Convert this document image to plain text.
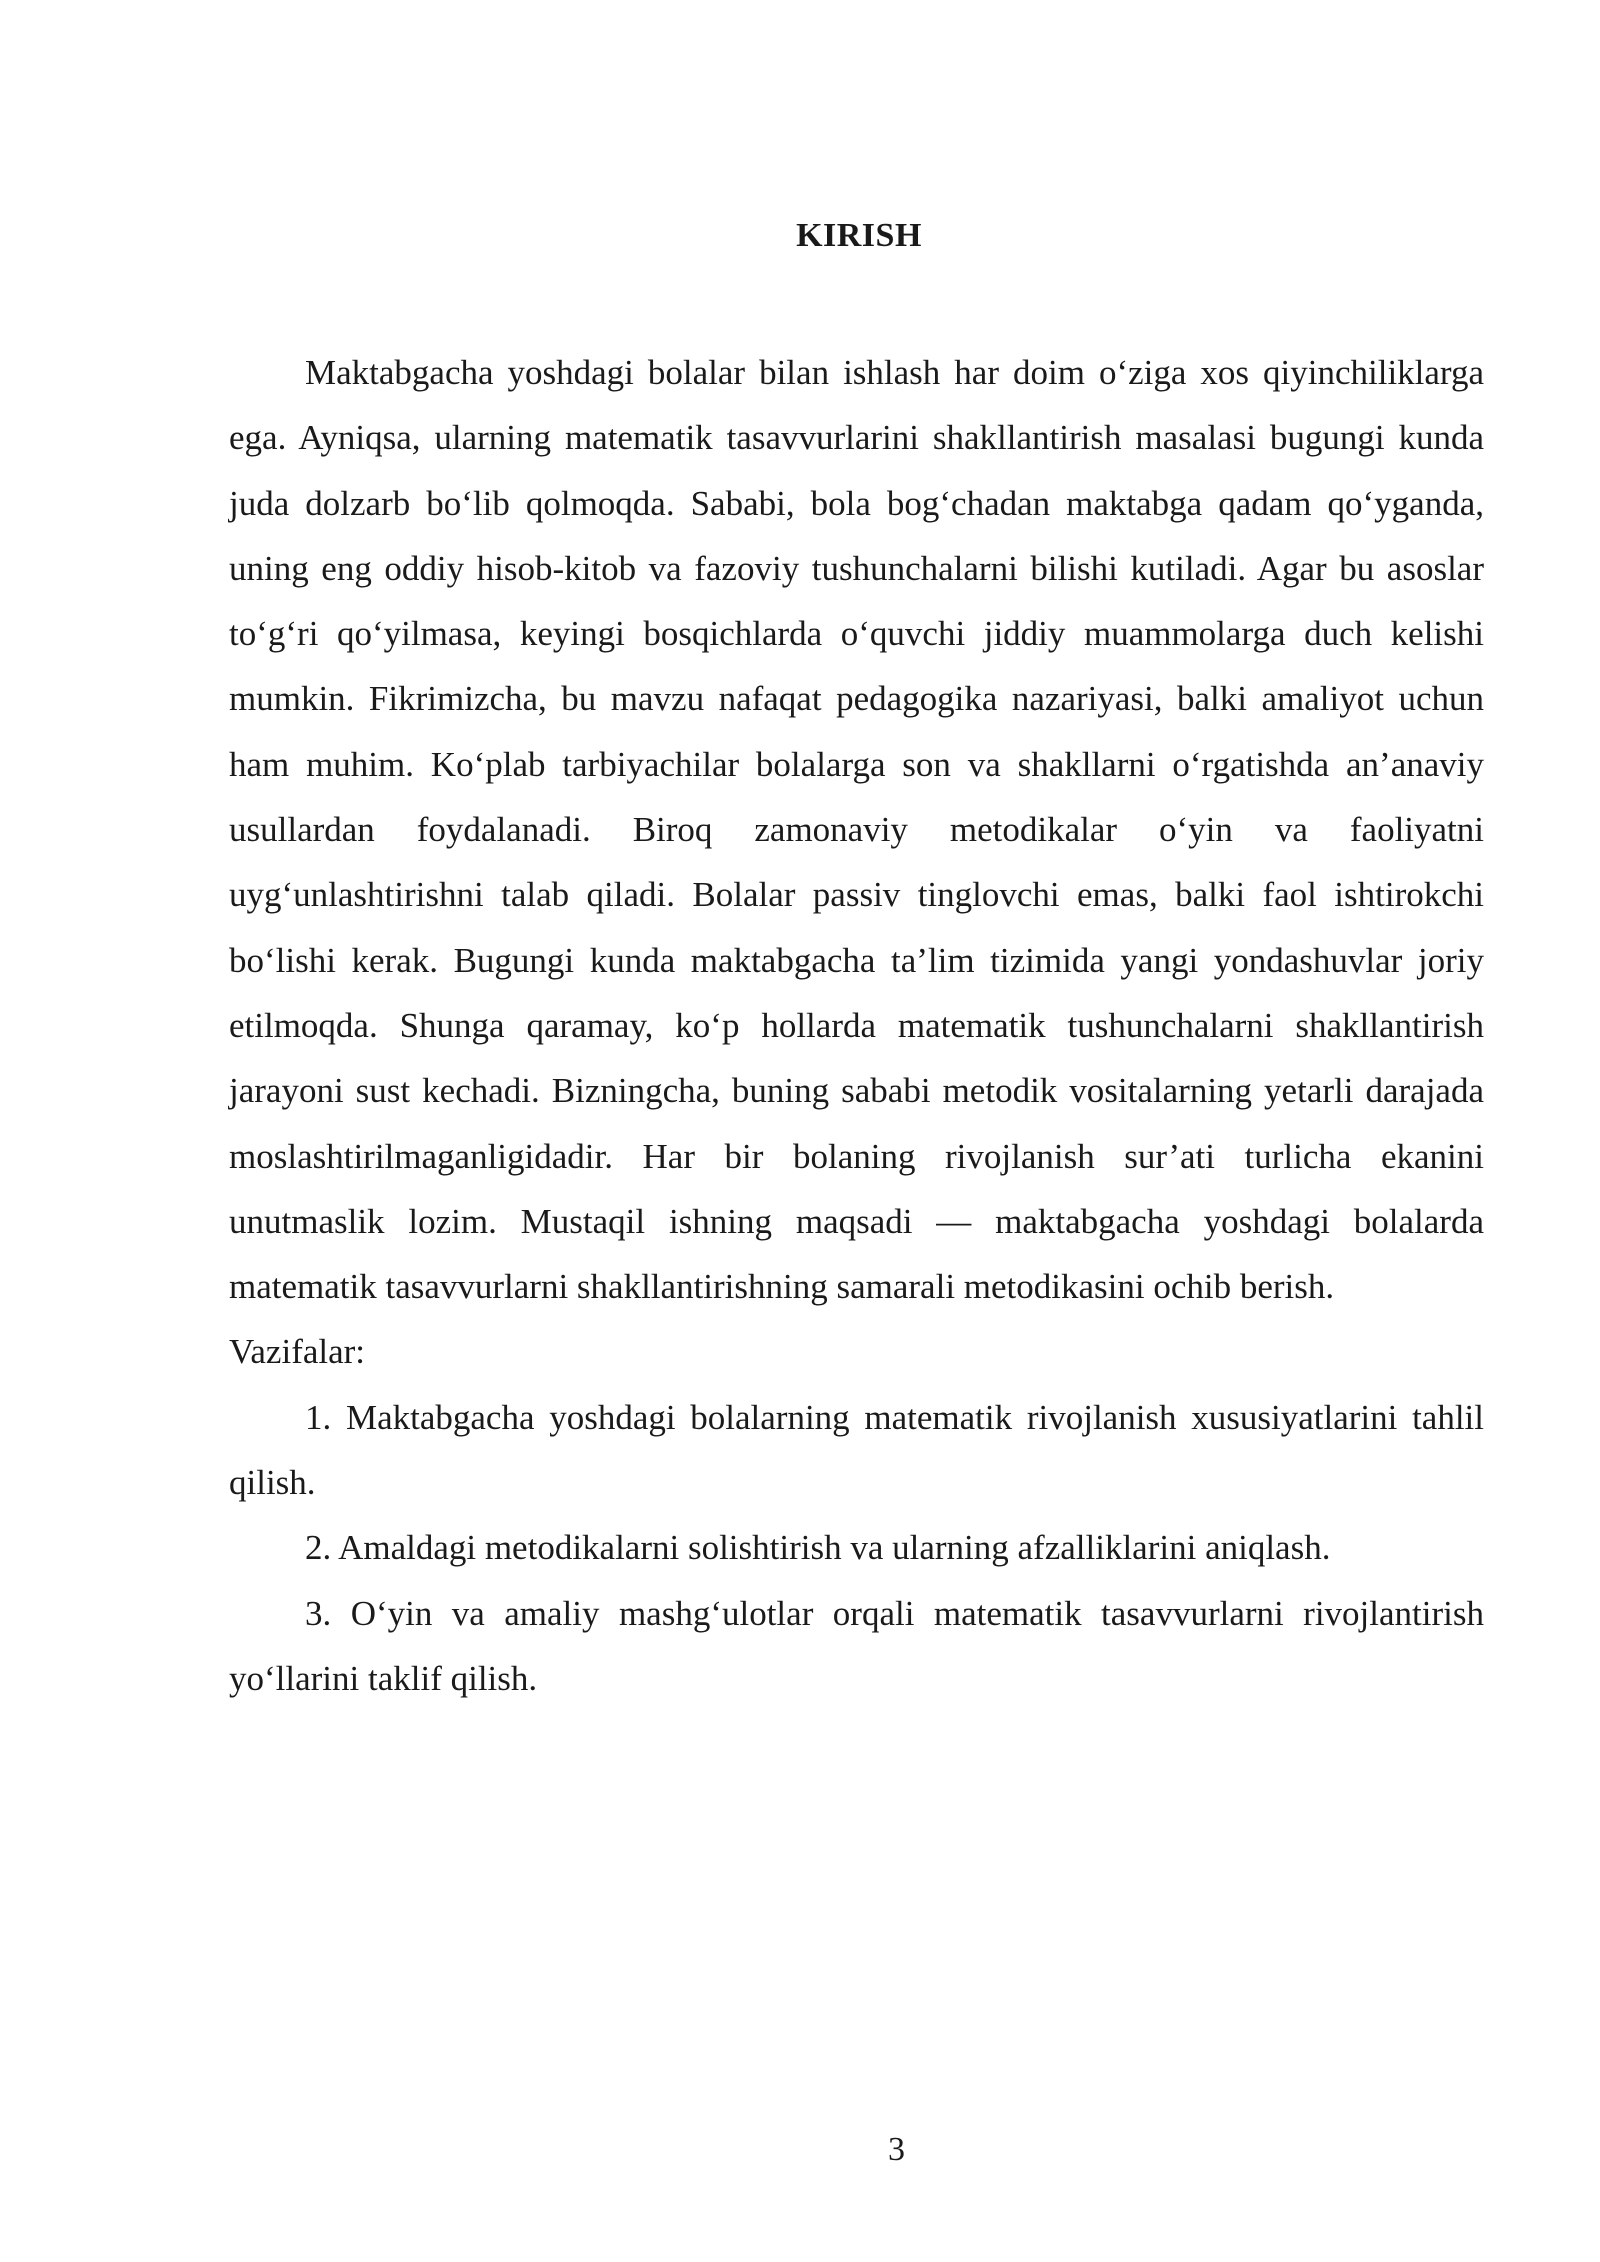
KIRISH

Maktabgacha yoshdagi bolalar bilan ishlash har doim o‘ziga xos qiyinchiliklarga ega. Ayniqsa, ularning matematik tasavvurlarini shakllantirish masalasi bugungi kunda juda dolzarb bo‘lib qolmoqda. Sababi, bola bog‘chadan maktabga qadam qo‘yganda, uning eng oddiy hisob-kitob va fazoviy tushunchalarni bilishi kutiladi. Agar bu asoslar to‘g‘ri qo‘yilmasa, keyingi bosqichlarda o‘quvchi jiddiy muammolarga duch kelishi mumkin. Fikrimizcha, bu mavzu nafaqat pedagogika nazariyasi, balki amaliyot uchun ham muhim. Ko‘plab tarbiyachilar bolalarga son va shakllarni o‘rgatishda an’anaviy usullardan foydalanadi. Biroq zamonaviy metodikalar o‘yin va faoliyatni uyg‘unlashtirishni talab qiladi. Bolalar passiv tinglovchi emas, balki faol ishtirokchi bo‘lishi kerak. Bugungi kunda maktabgacha ta’lim tizimida yangi yondashuvlar joriy etilmoqda. Shunga qaramay, ko‘p hollarda matematik tushunchalarni shakllantirish jarayoni sust kechadi. Bizningcha, buning sababi metodik vositalarning yetarli darajada moslashtirilmaganligidadir. Har bir bolaning rivojlanish sur’ati turlicha ekanini unutmaslik lozim. Mustaqil ishning maqsadi — maktabgacha yoshdagi bolalarda matematik tasavvurlarni shakllantirishning samarali metodikasini ochib berish.

Vazifalar:

1. Maktabgacha yoshdagi bolalarning matematik rivojlanish xususiyatlarini tahlil qilish.

2. Amaldagi metodikalarni solishtirish va ularning afzalliklarini aniqlash.

3. O‘yin va amaliy mashg‘ulotlar orqali matematik tasavvurlarni rivojlantirish yo‘llarini taklif qilish.

3
